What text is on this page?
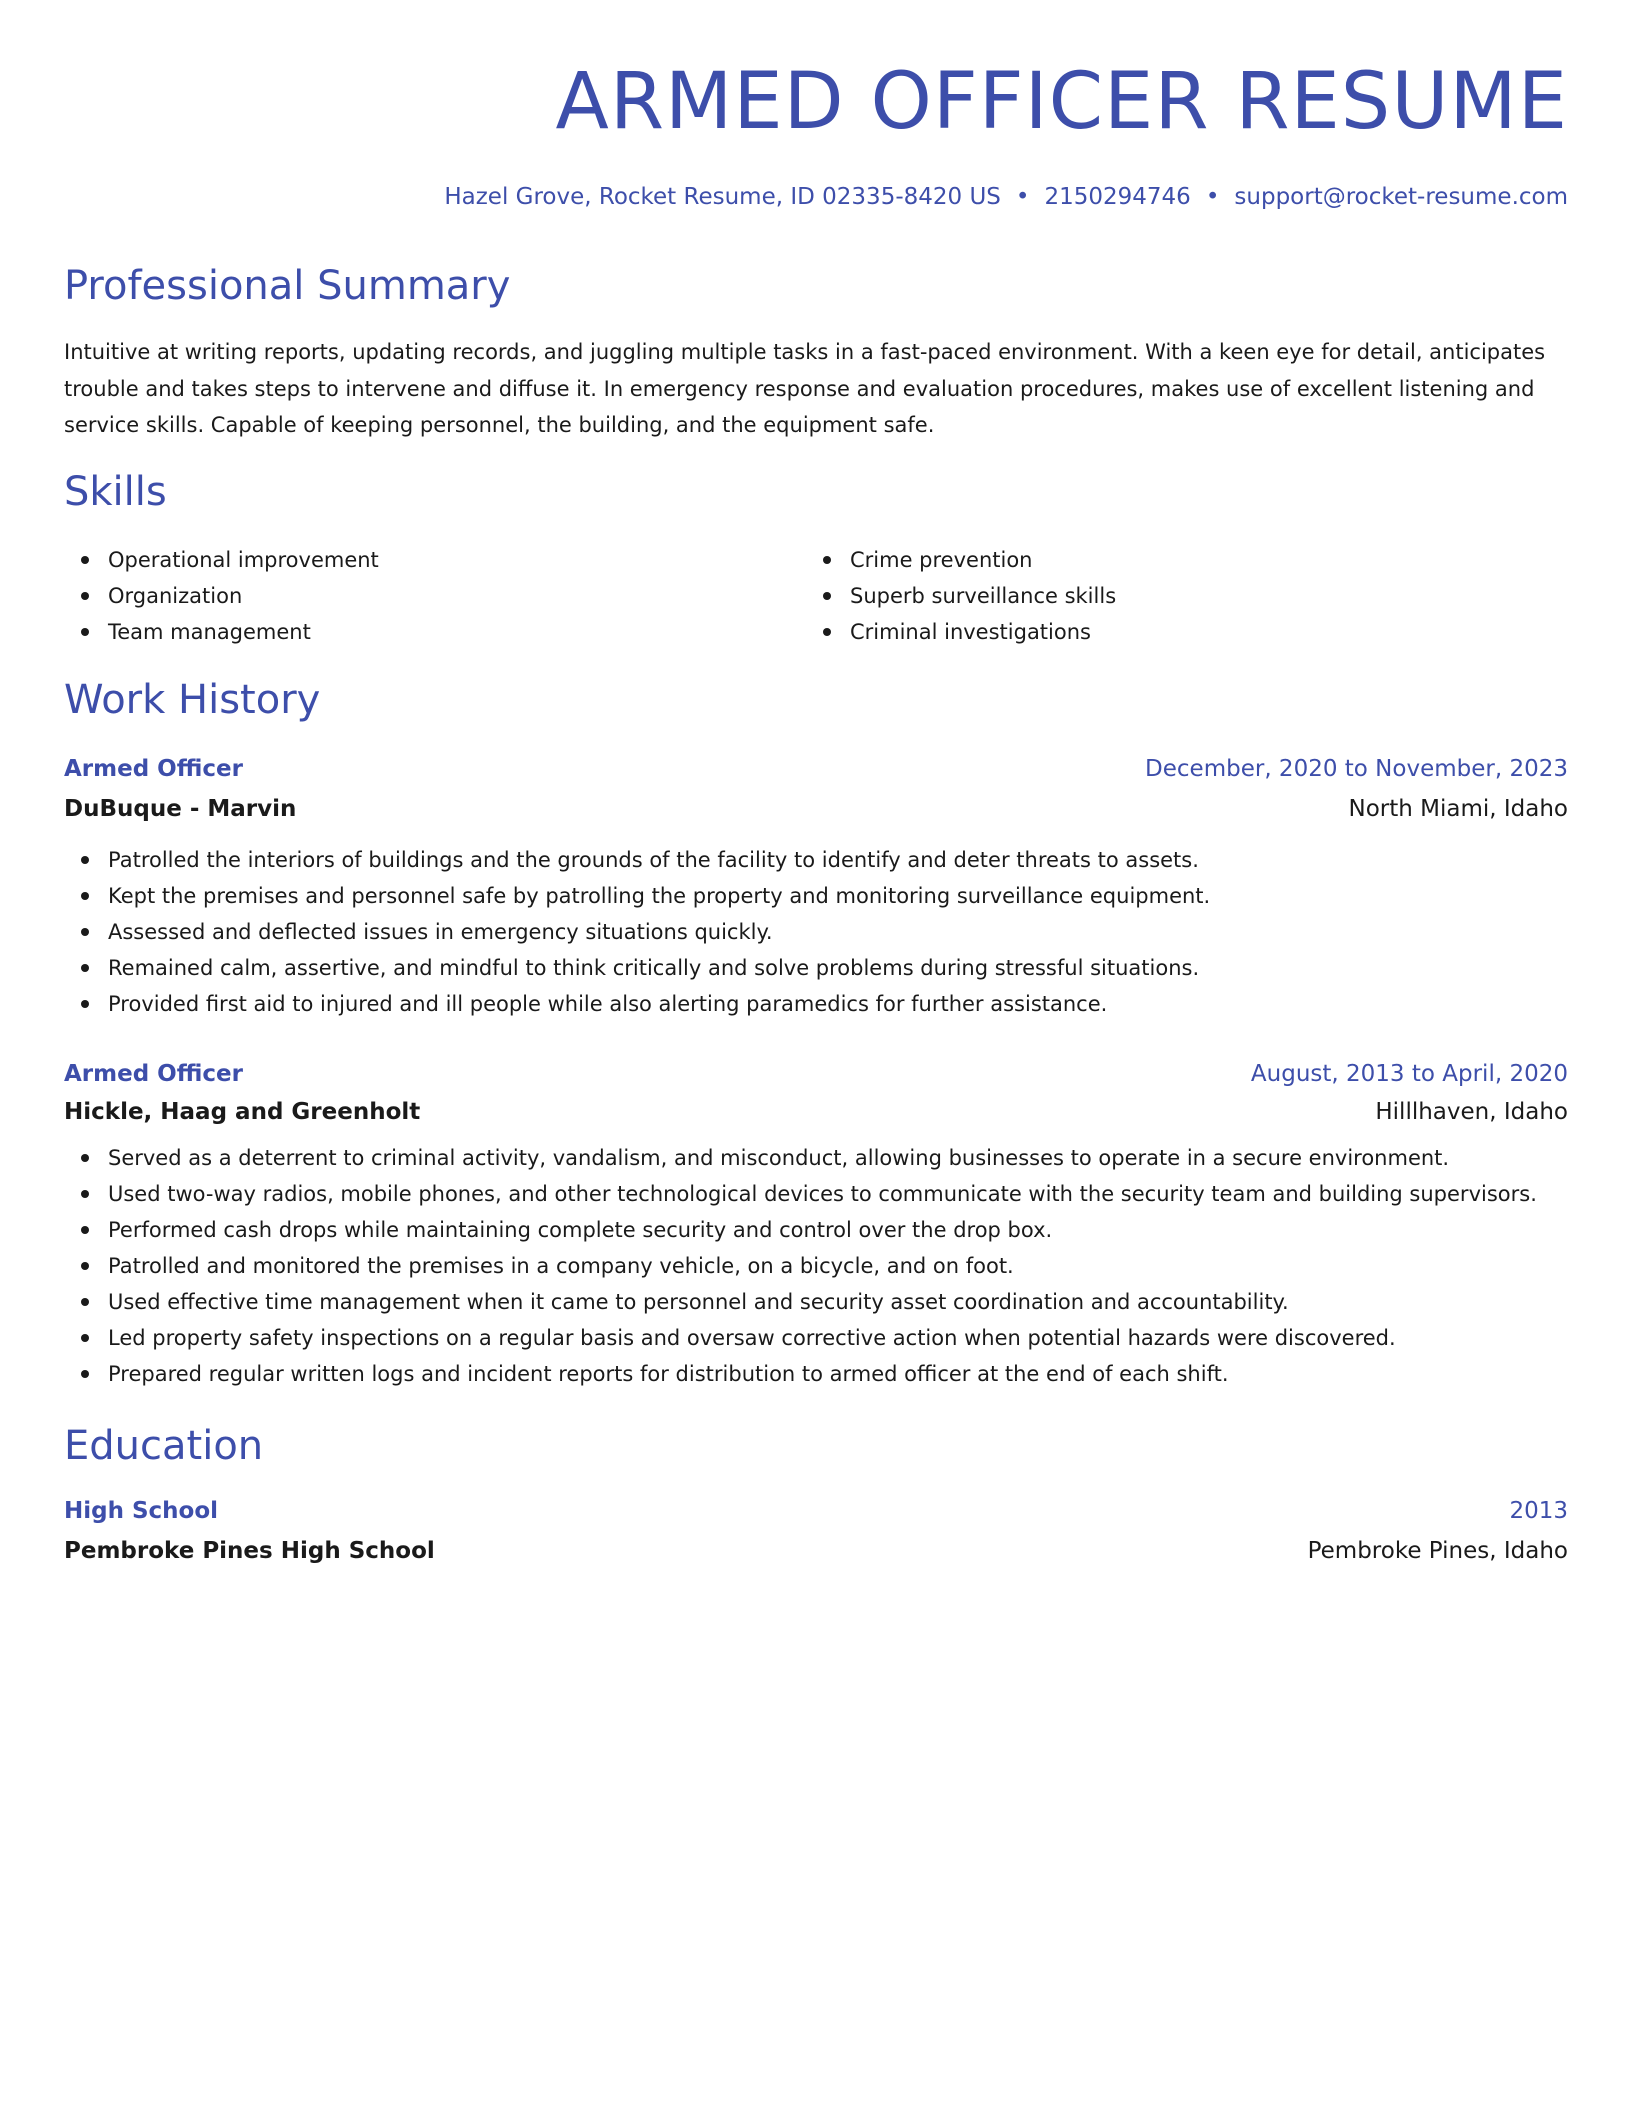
ARMED OFFICER RESUME
Hazel Grove, Rocket Resume, ID 02335-8420 US • 2150294746 • support@rocket-resume.com
Professional Summary

Intuitive at writing reports, updating records, and juggling multiple tasks in a fast-paced environment. With a keen eye for detail, anticipates trouble and takes steps to intervene and diffuse it. In emergency response and evaluation procedures, makes use of excellent listening and service skills. Capable of keeping personnel, the building, and the equipment safe.

Skills
Operational improvement
Organization
Team management
Crime prevention
Superb surveillance skills
Criminal investigations
Work History
Armed Officer	December, 2020 to November, 2023
DuBuque - Marvin	North Miami, Idaho
Patrolled the interiors of buildings and the grounds of the facility to identify and deter threats to assets.
Kept the premises and personnel safe by patrolling the property and monitoring surveillance equipment.
Assessed and deflected issues in emergency situations quickly.
Remained calm, assertive, and mindful to think critically and solve problems during stressful situations.
Provided first aid to injured and ill people while also alerting paramedics for further assistance.
Armed Officer	August, 2013 to April, 2020
Hickle, Haag and Greenholt	Hilllhaven, Idaho
Served as a deterrent to criminal activity, vandalism, and misconduct, allowing businesses to operate in a secure environment.
Used two-way radios, mobile phones, and other technological devices to communicate with the security team and building supervisors.
Performed cash drops while maintaining complete security and control over the drop box.
Patrolled and monitored the premises in a company vehicle, on a bicycle, and on foot.
Used effective time management when it came to personnel and security asset coordination and accountability.
Led property safety inspections on a regular basis and oversaw corrective action when potential hazards were discovered.
Prepared regular written logs and incident reports for distribution to armed officer at the end of each shift.
Education
High School	2013
Pembroke Pines High School	Pembroke Pines, Idaho
